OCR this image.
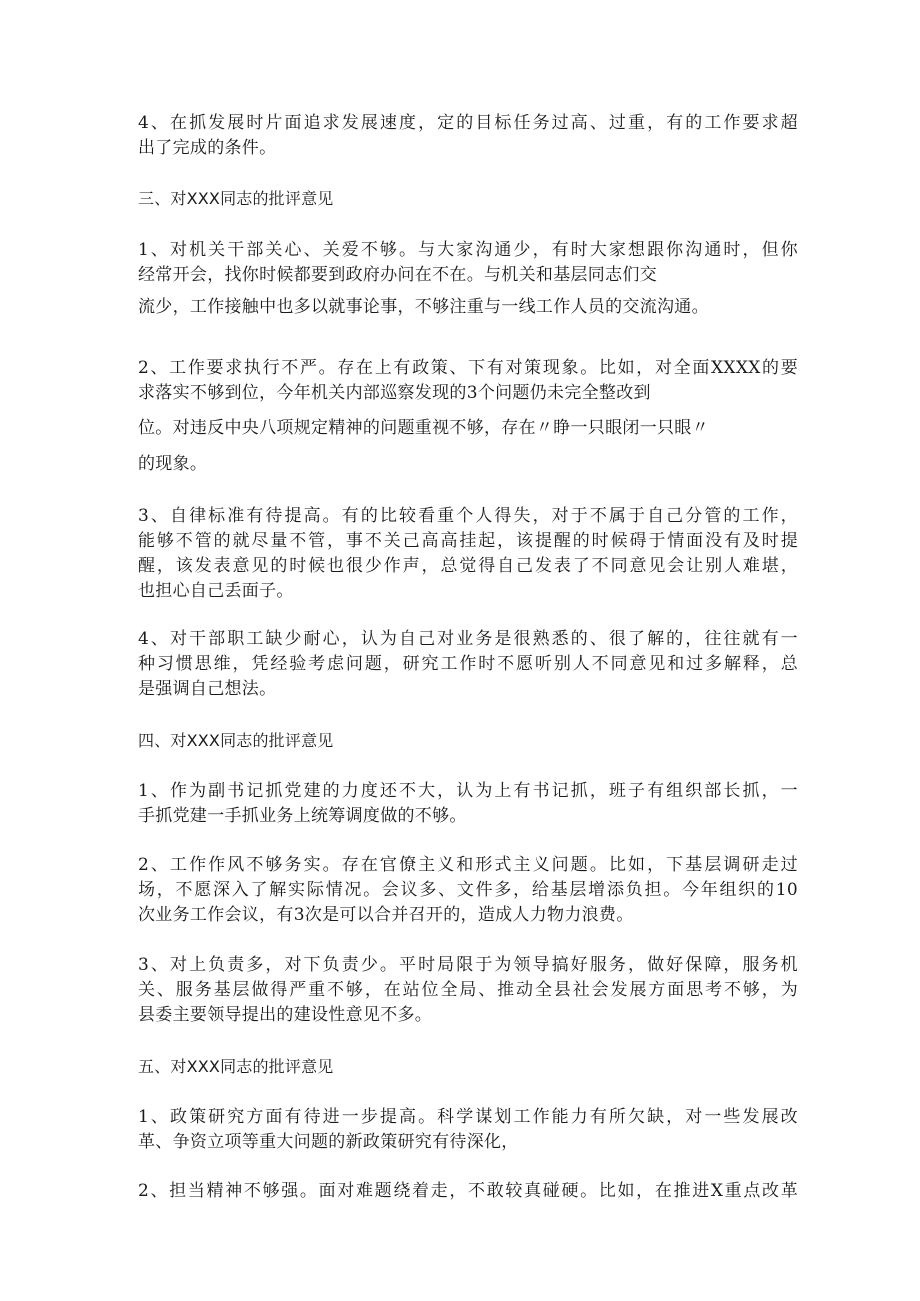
4、在抓发展时片面追求发展速度，定的目标任务过高、过重，有的工作要求超
出了完成的条件。
三、对XXX同志的批评意见
1、对机关干部关心、关爱不够。与大家沟通少，有时大家想跟你沟通时，但你
经常开会，找你时候都要到政府办问在不在。与机关和基层同志们交
流少，工作接触中也多以就事论事，不够注重与一线工作人员的交流沟通。
2、工作要求执行不严。存在上有政策、下有对策现象。比如，对全面XXXX的要
求落实不够到位，今年机关内部巡察发现的3个问题仍未完全整改到
位。对违反中央八项规定精神的问题重视不够，存在〃睁一只眼闭一只眼〃
的现象。
3、自律标准有待提高。有的比较看重个人得失，对于不属于自己分管的工作，
能够不管的就尽量不管，事不关己高高挂起，该提醒的时候碍于情面没有及时提
醒，该发表意见的时候也很少作声，总觉得自己发表了不同意见会让别人难堪，
也担心自己丢面子。
4、对干部职工缺少耐心，认为自己对业务是很熟悉的、很了解的，往往就有一
种习惯思维，凭经验考虑问题，研究工作时不愿听别人不同意见和过多解释，总
是强调自己想法。
四、对XXX同志的批评意见
1、作为副书记抓党建的力度还不大，认为上有书记抓，班子有组织部长抓，一
手抓党建一手抓业务上统筹调度做的不够。
2、工作作风不够务实。存在官僚主义和形式主义问题。比如，下基层调研走过
场，不愿深入了解实际情况。会议多、文件多，给基层增添负担。今年组织的10
次业务工作会议，有3次是可以合并召开的，造成人力物力浪费。
3、对上负责多，对下负责少。平时局限于为领导搞好服务，做好保障，服务机
关、服务基层做得严重不够，在站位全局、推动全县社会发展方面思考不够，为
县委主要领导提出的建设性意见不多。
五、对XXX同志的批评意见
1、政策研究方面有待进一步提高。科学谋划工作能力有所欠缺，对一些发展改
革、争资立项等重大问题的新政策研究有待深化，
2、担当精神不够强。面对难题绕着走，不敢较真碰硬。比如，在推进X重点改革
